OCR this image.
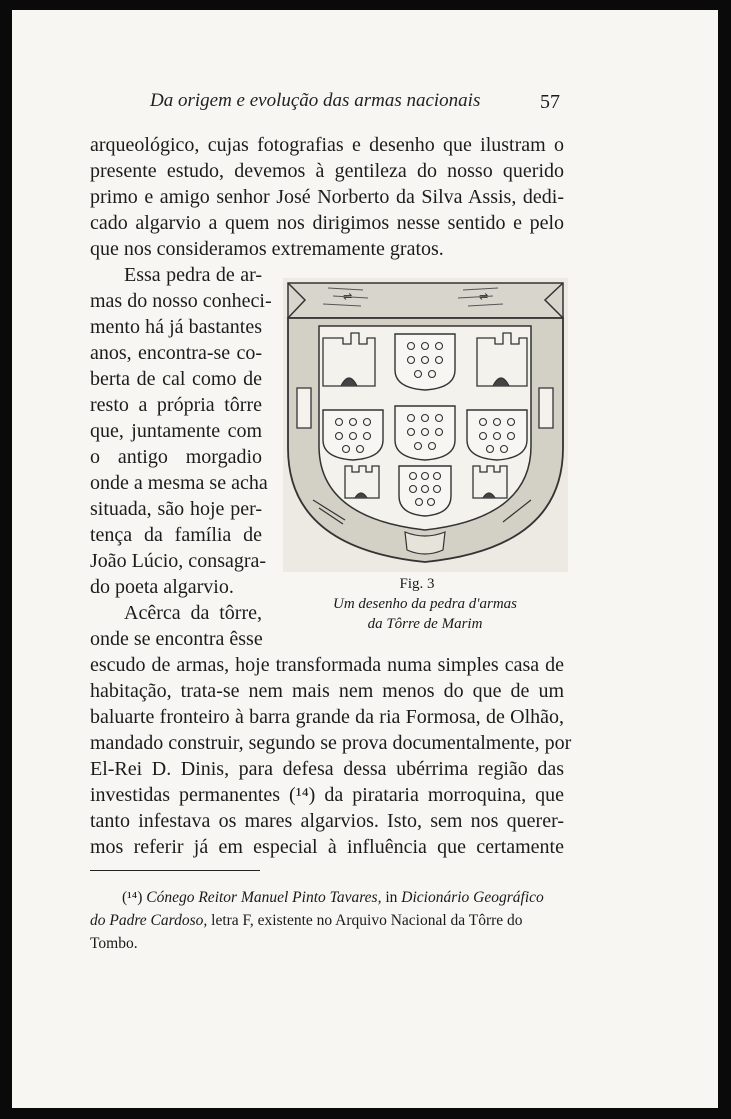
Da origem e evolução das armas nacionais	57
arqueológico, cujas fotografias e desenho que ilustram o
presente estudo, devemos à gentileza do nosso querido
primo e amigo senhor José Norberto da Silva Assis, dedi-
cado algarvio a quem nos dirigimos nesse sentido e pelo
que nos consideramos extremamente gratos.
Essa pedra de ar-
mas do nosso conheci-
mento há já bastantes
anos, encontra-se co-
berta de cal como de
resto a própria tôrre
que, juntamente com
o antigo morgadio
onde a mesma se acha
situada, são hoje per-
tença da família de
João Lúcio, consagra-
do poeta algarvio.
Acêrca da tôrre,
onde se encontra êsse
⇌	⇌
Fig. 3
Um desenho da pedra d'armas
da Tôrre de Marim
escudo de armas, hoje transformada numa simples casa de
habitação, trata-se nem mais nem menos do que de um
baluarte fronteiro à barra grande da ria Formosa, de Olhão,
mandado construir, segundo se prova documentalmente, por
El-Rei D. Dinis, para defesa dessa ubérrima região das
investidas permanentes (¹⁴) da pirataria morroquina, que
tanto infestava os mares algarvios. Isto, sem nos querer-
mos referir já em especial à influência que certamente
(¹⁴) Cónego Reitor Manuel Pinto Tavares, in Dicionário Geográfico
do Padre Cardoso, letra F, existente no Arquivo Nacional da Tôrre do
Tombo.
